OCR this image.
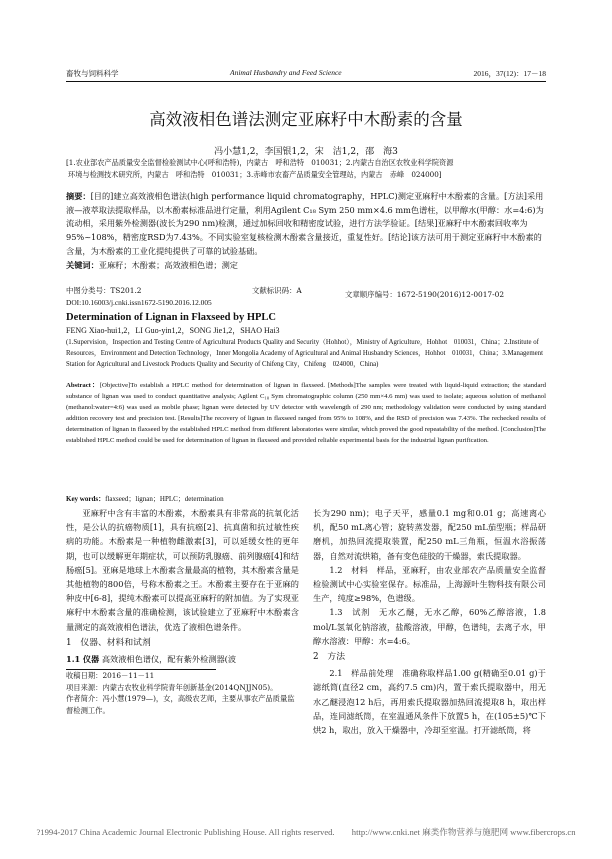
畜牧与饲料科学	Animal Husbandry and Feed Science	2016，37(12)：17－18
高效液相色谱法测定亚麻籽中木酚素的含量
冯小慧1,2，李国银1,2，宋　洁1,2，邵　海3
[1.农业部农产品质量安全监督检验测试中心(呼和浩特)，内蒙古　呼和浩特　010031；2.内蒙古自治区农牧业科学院资源
环境与检测技术研究所，内蒙古　呼和浩特　010031；3.赤峰市农畜产品质量安全管理站，内蒙古　赤峰　024000]
摘要：[目的]建立高效液相色谱法(high performance liquid chromatography，HPLC)测定亚麻籽中木酚素的含量。[方法]采用液—液萃取法提取样品，以木酚素标准品进行定量，利用Agilent C₁₈ Sym 250 mm×4.6 mm色谱柱，以甲醇水(甲醇：水=4:6)为流动相，采用紫外检测器(波长为290 nm)检测，通过加标回收和精密度试验，进行方法学验证。[结果]亚麻籽中木酚素回收率为95%~108%，精密度RSD为7.43%。不同实验室复核检测木酚素含量接近，重复性好。[结论]该方法可用于测定亚麻籽中木酚素的含量，为木酚素的工业化提纯提供了可靠的试验基础。
关键词：亚麻籽；木酚素；高效液相色谱；测定
中图分类号：TS201.2	文献标识码：A	文章顺序编号：1672-5190(2016)12-0017-02
DOI:10.16003/j.cnki.issn1672-5190.2016.12.005
Determination of Lignan in Flaxseed by HPLC
FENG Xiao-hui1,2，LI Guo-yin1,2，SONG Jie1,2，SHAO Hai3
(1.Supervision，Inspection and Testing Centre of Agricultural Products Quality and Security（Hohhot），Ministry of Agriculture，Hohhot　010031，China；2.Institute of Resources，Environment and Detection Technology，Inner Mongolia Academy of Agricultural and Animal Husbandry Sciences，Hohhot　010031，China；3.Management Station for Agricultural and Livestock Products Quality and Security of Chifeng City，Chifeng　024000，China)
Abstract：[Objective]To establish a HPLC method for determination of lignan in flaxseed. [Methods]The samples were treated with liquid-liquid extraction; the standard substance of lignan was used to conduct quantitative analysis; Agilent C₁₈ Sym chromatographic column (250 mm×4.6 mm) was used to isolate; aqueous solution of methanol (methanol:water=4:6) was used as mobile phase; lignan were detected by UV detector with wavelength of 290 nm; methodology validation were conducted by using standard addition recovery test and precision test. [Results]The recovery of lignan in flaxseed ranged from 95% to 108%, and the RSD of precision was 7.43%. The rechecked results of determination of lignan in flaxseed by the established HPLC method from different laboratories were similar, which proved the good repeatability of the method. [Conclusion]The established HPLC method could be used for determination of lignan in flaxseed and provided reliable experimental basis for the industrial lignan purification.
Key words：flaxseed；lignan；HPLC；determination

亚麻籽中含有丰富的木酚素，木酚素具有非常高的抗氧化活性，是公认的抗癌物质[1]，具有抗癌[2]、抗真菌和抗过敏性疾病的功能。木酚素是一种植物雌激素[3]，可以延缓女性的更年期，也可以缓解更年期症状，可以预防乳腺癌、前列腺癌[4]和结肠癌[5]。亚麻是地球上木酚素含量最高的植物，其木酚素含量是其他植物的800倍，号称木酚素之王。木酚素主要存在于亚麻的种皮中[6-8]，提纯木酚素可以提高亚麻籽的附加值。为了实现亚麻籽中木酚素含量的准确检测，该试验建立了亚麻籽中木酚素含量测定的高效液相色谱法，优选了液相色谱条件。

1　仪器、材料和试剂
1.1 仪器 高效液相色谱仪，配有紫外检测器(波
收稿日期：2016－11－11
项目来源：内蒙古农牧业科学院青年创新基金(2014QNJJN05)。
作者简介：冯小慧(1979—)，女，高级农艺师，主要从事农产品质量监督检测工作。

长为290 nm)；电子天平，感量0.1 mg和0.01 g；高速离心机，配50 mL离心管；旋转蒸发器，配250 mL茄型瓶；样品研磨机，加热回流提取装置，配250 mL三角瓶，恒温水浴振荡器，自然对流烘箱，备有变色硅胶的干燥器，索氏提取器。

1.2　材料　样品，亚麻籽，由农业部农产品质量安全监督检验测试中心实验室保存。标准品，上海源叶生物科技有限公司生产，纯度≥98%，色谱级。

1.3　试剂　无水乙醚，无水乙醇，60%乙醇溶液，1.8 mol/L氢氧化钠溶液，盐酸溶液，甲醇，色谱纯，去离子水，甲醇水溶液：甲醇：水=4:6。

2　方法

2.1　样品前处理　准确称取样品1.00 g(精确至0.01 g)于滤纸筒(直径2 cm，高约7.5 cm)内，置于索氏提取器中，用无水乙醚浸泡12 h后，再用索氏提取器加热回流提取8 h，取出样品，连同滤纸筒，在室温通风条件下放置5 h，在(105±5)℃下烘2 h，取出，放入干燥器中，冷却至室温。打开滤纸筒，将

?1994-2017 China Academic Journal Electronic Publishing House. All rights reserved.　　http://www.cnki.net 麻类作物营养与施肥网 www.fibercrops.cn
